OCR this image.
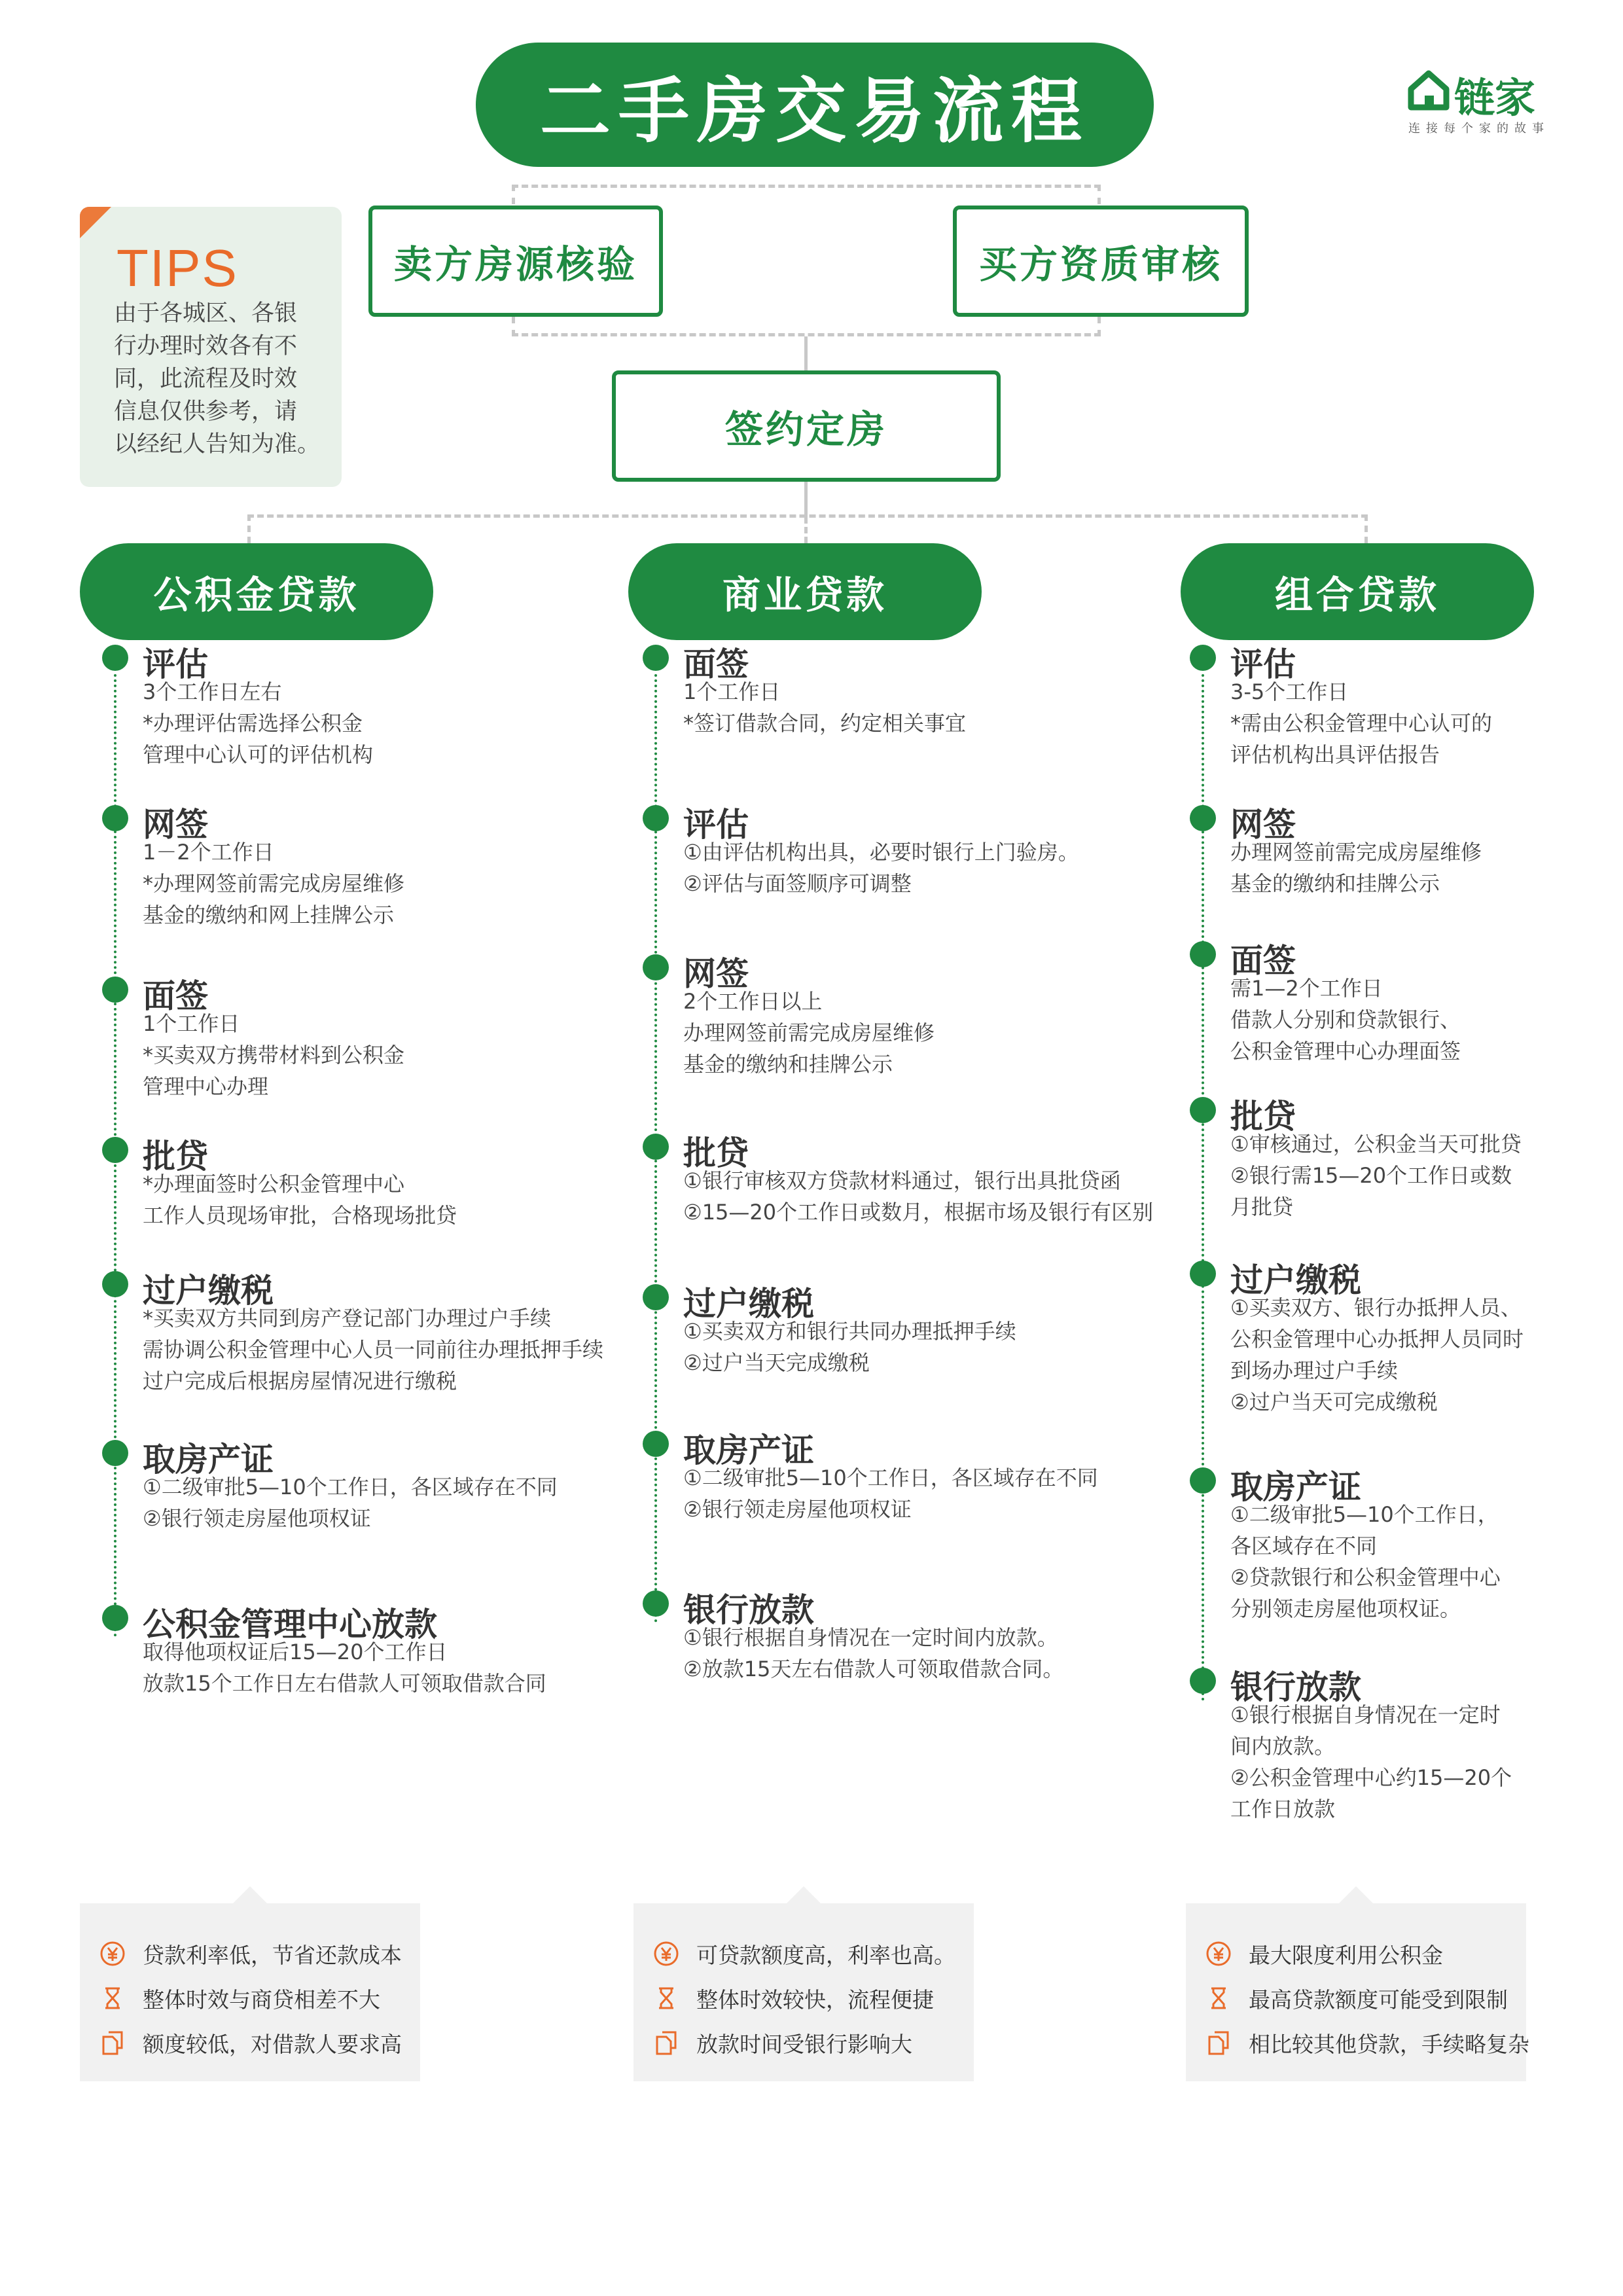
二手房交易流程	链家
连接每个家的故事
TIPS
由于各城区、各银
行办理时效各有不
同，此流程及时效
信息仅供参考，请
以经纪人告知为准。
卖方房源核验	买方资质审核
签约定房
公积金贷款	商业贷款	组合贷款
评估
3个工作日左右
*办理评估需选择公积金
管理中心认可的评估机构
网签
1－2个工作日
*办理网签前需完成房屋维修
基金的缴纳和网上挂牌公示
面签
1个工作日
*买卖双方携带材料到公积金
管理中心办理
批贷
*办理面签时公积金管理中心
工作人员现场审批，合格现场批贷
过户缴税
*买卖双方共同到房产登记部门办理过户手续
需协调公积金管理中心人员一同前往办理抵押手续
过户完成后根据房屋情况进行缴税
取房产证
①二级审批5—10个工作日，各区域存在不同
②银行领走房屋他项权证
公积金管理中心放款
取得他项权证后15—20个工作日
放款15个工作日左右借款人可领取借款合同
面签
1个工作日
*签订借款合同，约定相关事宜
评估
①由评估机构出具，必要时银行上门验房。
②评估与面签顺序可调整
网签
2个工作日以上
办理网签前需完成房屋维修
基金的缴纳和挂牌公示
批贷
①银行审核双方贷款材料通过，银行出具批贷函
②15—20个工作日或数月，根据市场及银行有区别
过户缴税
①买卖双方和银行共同办理抵押手续
②过户当天完成缴税
取房产证
①二级审批5—10个工作日，各区域存在不同
②银行领走房屋他项权证
银行放款
①银行根据自身情况在一定时间内放款。
②放款15天左右借款人可领取借款合同。
评估
3-5个工作日
*需由公积金管理中心认可的
评估机构出具评估报告
网签
办理网签前需完成房屋维修
基金的缴纳和挂牌公示
面签
需1—2个工作日
借款人分别和贷款银行、
公积金管理中心办理面签
批贷
①审核通过，公积金当天可批贷
②银行需15—20个工作日或数
月批贷
过户缴税
①买卖双方、银行办抵押人员、
公积金管理中心办抵押人员同时
到场办理过户手续
②过户当天可完成缴税
取房产证
①二级审批5—10个工作日，
各区域存在不同
②贷款银行和公积金管理中心
分别领走房屋他项权证。
银行放款
①银行根据自身情况在一定时
间内放款。
②公积金管理中心约15—20个
工作日放款
贷款利率低，节省还款成本
整体时效与商贷相差不大
额度较低，对借款人要求高
可贷款额度高，利率也高。
整体时效较快，流程便捷
放款时间受银行影响大
最大限度利用公积金
最高贷款额度可能受到限制
相比较其他贷款，手续略复杂
